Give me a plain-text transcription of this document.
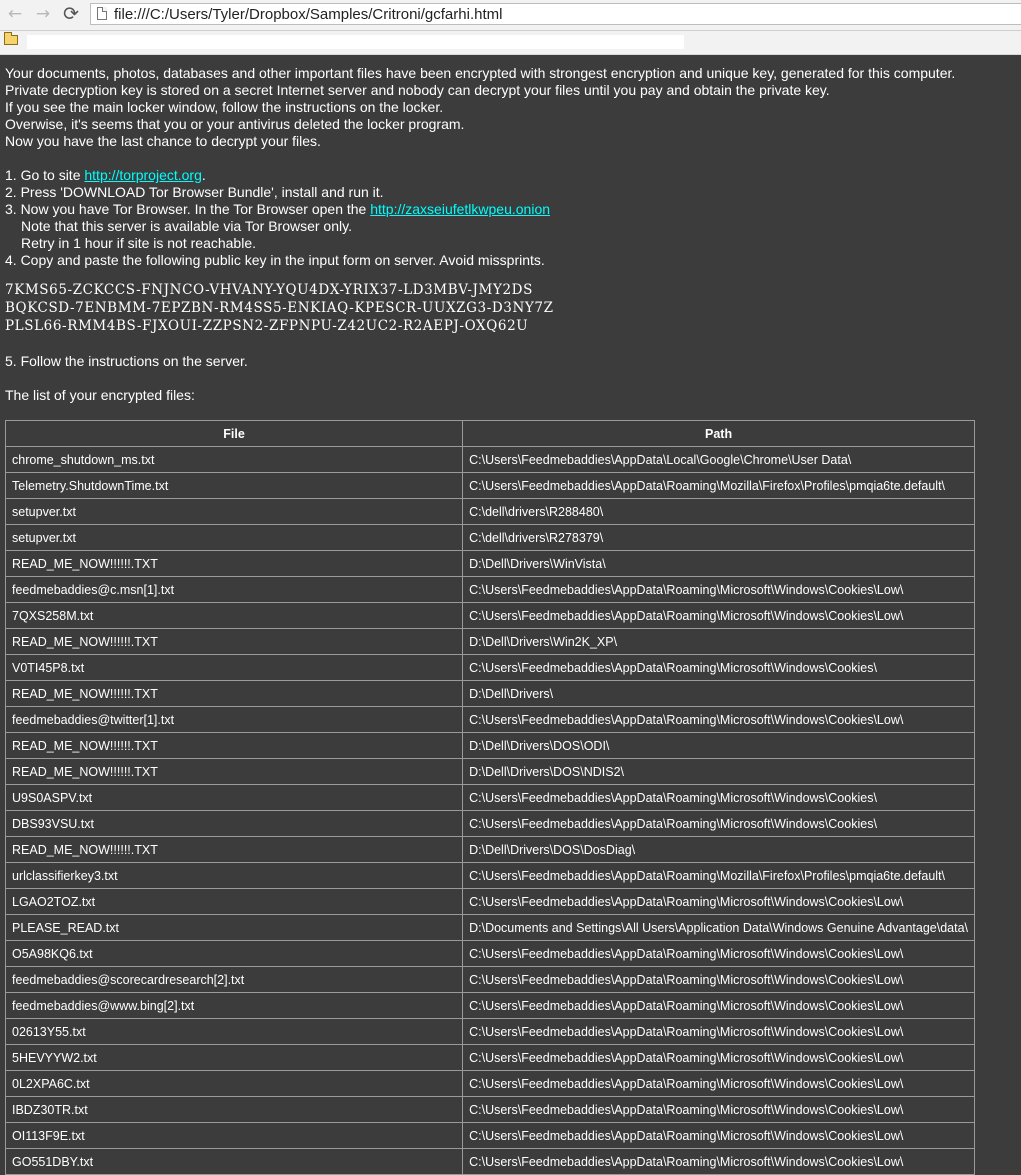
← → ⟳ file:///C:/Users/Tyler/Dropbox/Samples/Critroni/gcfarhi.html

Your documents, photos, databases and other important files have been encrypted with strongest encryption and unique key, generated for this computer.

Private decryption key is stored on a secret Internet server and nobody can decrypt your files until you pay and obtain the private key.

If you see the main locker window, follow the instructions on the locker.

Overwise, it's seems that you or your antivirus deleted the locker program.

Now you have the last chance to decrypt your files.

1. Go to site http://torproject.org.

2. Press 'DOWNLOAD Tor Browser Bundle', install and run it.

3. Now you have Tor Browser. In the Tor Browser open the http://zaxseiufetlkwpeu.onion

Note that this server is available via Tor Browser only.

Retry in 1 hour if site is not reachable.

4. Copy and paste the following public key in the input form on server. Avoid missprints.

7KMS65-ZCKCCS-FNJNCO-VHVANY-YQU4DX-YRIX37-LD3MBV-JMY2DS
BQKCSD-7ENBMM-7EPZBN-RM4SS5-ENKIAQ-KPESCR-UUXZG3-D3NY7Z
PLSL66-RMM4BS-FJXOUI-ZZPSN2-ZFPNPU-Z42UC2-R2AEPJ-OXQ62U

5. Follow the instructions on the server.

The list of your encrypted files:

File	Path
chrome_shutdown_ms.txt	C:\Users\Feedmebaddies\AppData\Local\Google\Chrome\User Data\
Telemetry.ShutdownTime.txt	C:\Users\Feedmebaddies\AppData\Roaming\Mozilla\Firefox\Profiles\pmqia6te.default\
setupver.txt	C:\dell\drivers\R288480\
setupver.txt	C:\dell\drivers\R278379\
READ_ME_NOW!!!!!!.TXT	D:\Dell\Drivers\WinVista\
feedmebaddies@c.msn[1].txt	C:\Users\Feedmebaddies\AppData\Roaming\Microsoft\Windows\Cookies\Low\
7QXS258M.txt	C:\Users\Feedmebaddies\AppData\Roaming\Microsoft\Windows\Cookies\Low\
READ_ME_NOW!!!!!!.TXT	D:\Dell\Drivers\Win2K_XP\
V0TI45P8.txt	C:\Users\Feedmebaddies\AppData\Roaming\Microsoft\Windows\Cookies\
READ_ME_NOW!!!!!!.TXT	D:\Dell\Drivers\
feedmebaddies@twitter[1].txt	C:\Users\Feedmebaddies\AppData\Roaming\Microsoft\Windows\Cookies\Low\
READ_ME_NOW!!!!!!.TXT	D:\Dell\Drivers\DOS\ODI\
READ_ME_NOW!!!!!!.TXT	D:\Dell\Drivers\DOS\NDIS2\
U9S0ASPV.txt	C:\Users\Feedmebaddies\AppData\Roaming\Microsoft\Windows\Cookies\
DBS93VSU.txt	C:\Users\Feedmebaddies\AppData\Roaming\Microsoft\Windows\Cookies\
READ_ME_NOW!!!!!!.TXT	D:\Dell\Drivers\DOS\DosDiag\
urlclassifierkey3.txt	C:\Users\Feedmebaddies\AppData\Roaming\Mozilla\Firefox\Profiles\pmqia6te.default\
LGAO2TOZ.txt	C:\Users\Feedmebaddies\AppData\Roaming\Microsoft\Windows\Cookies\Low\
PLEASE_READ.txt	D:\Documents and Settings\All Users\Application Data\Windows Genuine Advantage\data\
O5A98KQ6.txt	C:\Users\Feedmebaddies\AppData\Roaming\Microsoft\Windows\Cookies\Low\
feedmebaddies@scorecardresearch[2].txt	C:\Users\Feedmebaddies\AppData\Roaming\Microsoft\Windows\Cookies\Low\
feedmebaddies@www.bing[2].txt	C:\Users\Feedmebaddies\AppData\Roaming\Microsoft\Windows\Cookies\Low\
02613Y55.txt	C:\Users\Feedmebaddies\AppData\Roaming\Microsoft\Windows\Cookies\Low\
5HEVYYW2.txt	C:\Users\Feedmebaddies\AppData\Roaming\Microsoft\Windows\Cookies\Low\
0L2XPA6C.txt	C:\Users\Feedmebaddies\AppData\Roaming\Microsoft\Windows\Cookies\Low\
IBDZ30TR.txt	C:\Users\Feedmebaddies\AppData\Roaming\Microsoft\Windows\Cookies\Low\
OI113F9E.txt	C:\Users\Feedmebaddies\AppData\Roaming\Microsoft\Windows\Cookies\Low\
GO551DBY.txt	C:\Users\Feedmebaddies\AppData\Roaming\Microsoft\Windows\Cookies\Low\
